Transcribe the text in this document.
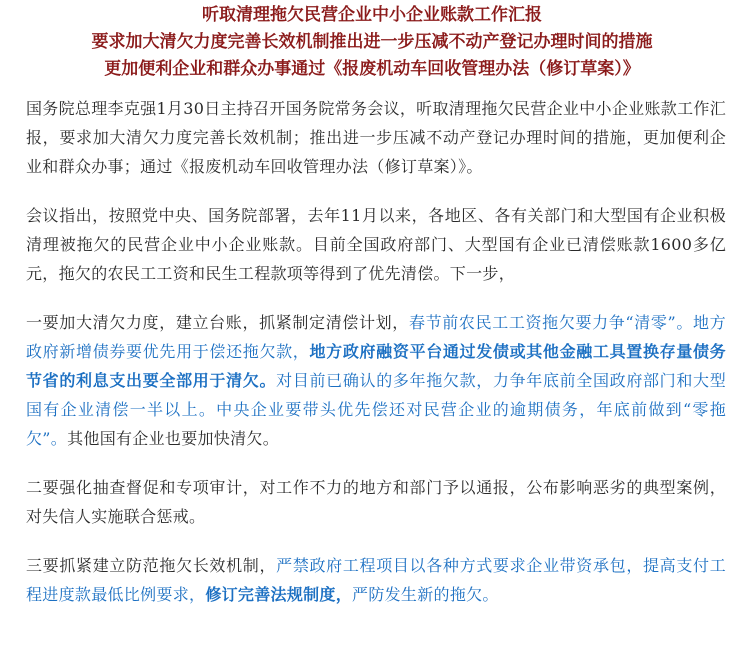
听取清理拖欠民营企业中小企业账款工作汇报
要求加大清欠力度完善长效机制推出进一步压减不动产登记办理时间的措施
更加便利企业和群众办事通过《报废机动车回收管理办法（修订草案）》

国务院总理李克强1月30日主持召开国务院常务会议，听取清理拖欠民营企业中小企业账款工作汇报，要求加大清欠力度完善长效机制；推出进一步压减不动产登记办理时间的措施，更加便利企业和群众办事；通过《报废机动车回收管理办法（修订草案）》。

会议指出，按照党中央、国务院部署，去年11月以来，各地区、各有关部门和大型国有企业积极清理被拖欠的民营企业中小企业账款。目前全国政府部门、大型国有企业已清偿账款1600多亿元，拖欠的农民工工资和民生工程款项等得到了优先清偿。下一步，

一要加大清欠力度，建立台账，抓紧制定清偿计划，春节前农民工工资拖欠要力争“清零”。地方政府新增债券要优先用于偿还拖欠款，地方政府融资平台通过发债或其他金融工具置换存量债务节省的利息支出要全部用于清欠。对目前已确认的多年拖欠款，力争年底前全国政府部门和大型国有企业清偿一半以上。中央企业要带头优先偿还对民营企业的逾期债务，年底前做到“零拖欠”。其他国有企业也要加快清欠。

二要强化抽查督促和专项审计，对工作不力的地方和部门予以通报，公布影响恶劣的典型案例，对失信人实施联合惩戒。

三要抓紧建立防范拖欠长效机制，严禁政府工程项目以各种方式要求企业带资承包，提高支付工程进度款最低比例要求，修订完善法规制度，严防发生新的拖欠。
